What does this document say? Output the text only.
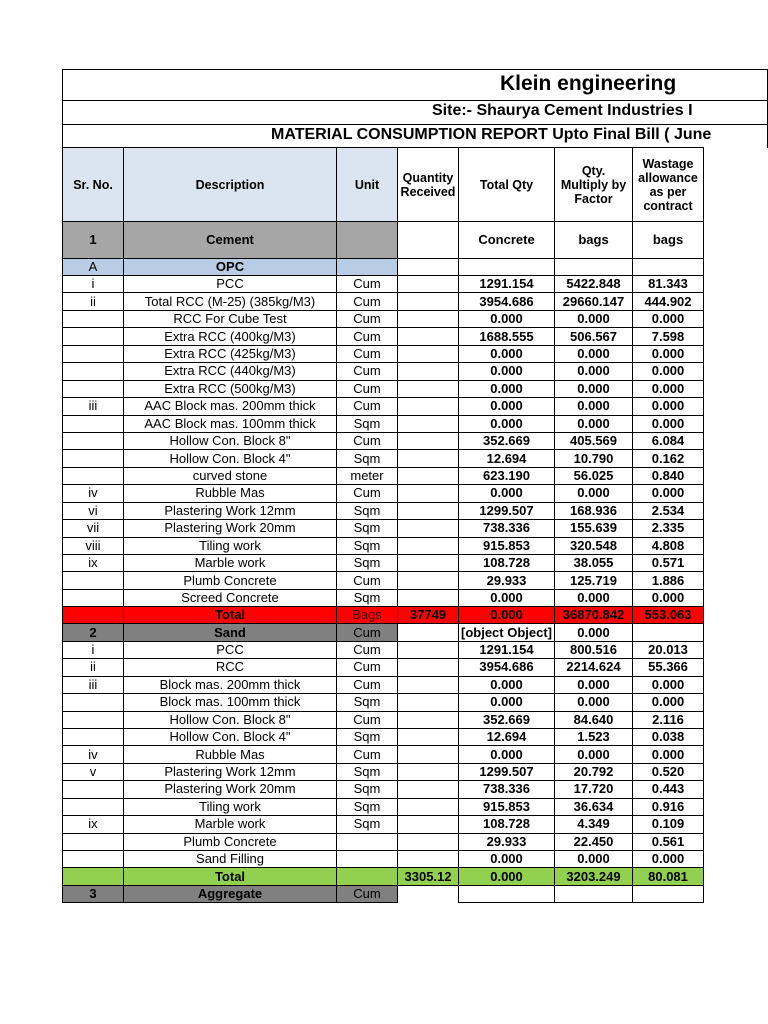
Klein engineering
Site:- Shaurya Cement Industries I
MATERIAL CONSUMPTION REPORT Upto Final Bill ( June
Sr. No.	Description	Unit	Quantity Received	Total Qty	Qty. Multiply by Factor	Wastage allowance as per contract
1	Cement			Concrete	bags	bags
A	OPC					
i	PCC	Cum		1291.154	5422.848	81.343
ii	Total RCC (M-25) (385kg/M3)	Cum		3954.686	29660.147	444.902
	RCC For Cube Test	Cum		0.000	0.000	0.000
	Extra RCC (400kg/M3)	Cum		1688.555	506.567	7.598
	Extra RCC (425kg/M3)	Cum		0.000	0.000	0.000
	Extra RCC (440kg/M3)	Cum		0.000	0.000	0.000
	Extra RCC (500kg/M3)	Cum		0.000	0.000	0.000
iii	AAC Block mas. 200mm thick	Cum		0.000	0.000	0.000
	AAC Block mas. 100mm thick	Sqm		0.000	0.000	0.000
	Hollow Con. Block 8"	Cum		352.669	405.569	6.084
	Hollow Con. Block 4"	Sqm		12.694	10.790	0.162
	curved stone	meter		623.190	56.025	0.840
iv	Rubble Mas	Cum		0.000	0.000	0.000
vi	Plastering Work 12mm	Sqm		1299.507	168.936	2.534
vii	Plastering Work 20mm	Sqm		738.336	155.639	2.335
viii	Tiling work	Sqm		915.853	320.548	4.808
ix	Marble work	Sqm		108.728	38.055	0.571
	Plumb Concrete	Cum		29.933	125.719	1.886
	Screed Concrete	Sqm		0.000	0.000	0.000
	Total	Bags	37749	0.000	36870.842	553.063
2	Sand	Cum		[object Object]	0.000	
i	PCC	Cum		1291.154	800.516	20.013
ii	RCC	Cum		3954.686	2214.624	55.366
iii	Block mas. 200mm thick	Cum		0.000	0.000	0.000
	Block mas. 100mm thick	Sqm		0.000	0.000	0.000
	Hollow Con. Block 8"	Cum		352.669	84.640	2.116
	Hollow Con. Block 4"	Sqm		12.694	1.523	0.038
iv	Rubble Mas	Cum		0.000	0.000	0.000
v	Plastering Work 12mm	Sqm		1299.507	20.792	0.520
	Plastering Work 20mm	Sqm		738.336	17.720	0.443
	Tiling work	Sqm		915.853	36.634	0.916
ix	Marble work	Sqm		108.728	4.349	0.109
	Plumb Concrete			29.933	22.450	0.561
	Sand Filling			0.000	0.000	0.000
	Total		3305.12	0.000	3203.249	80.081
3	Aggregate	Cum				
